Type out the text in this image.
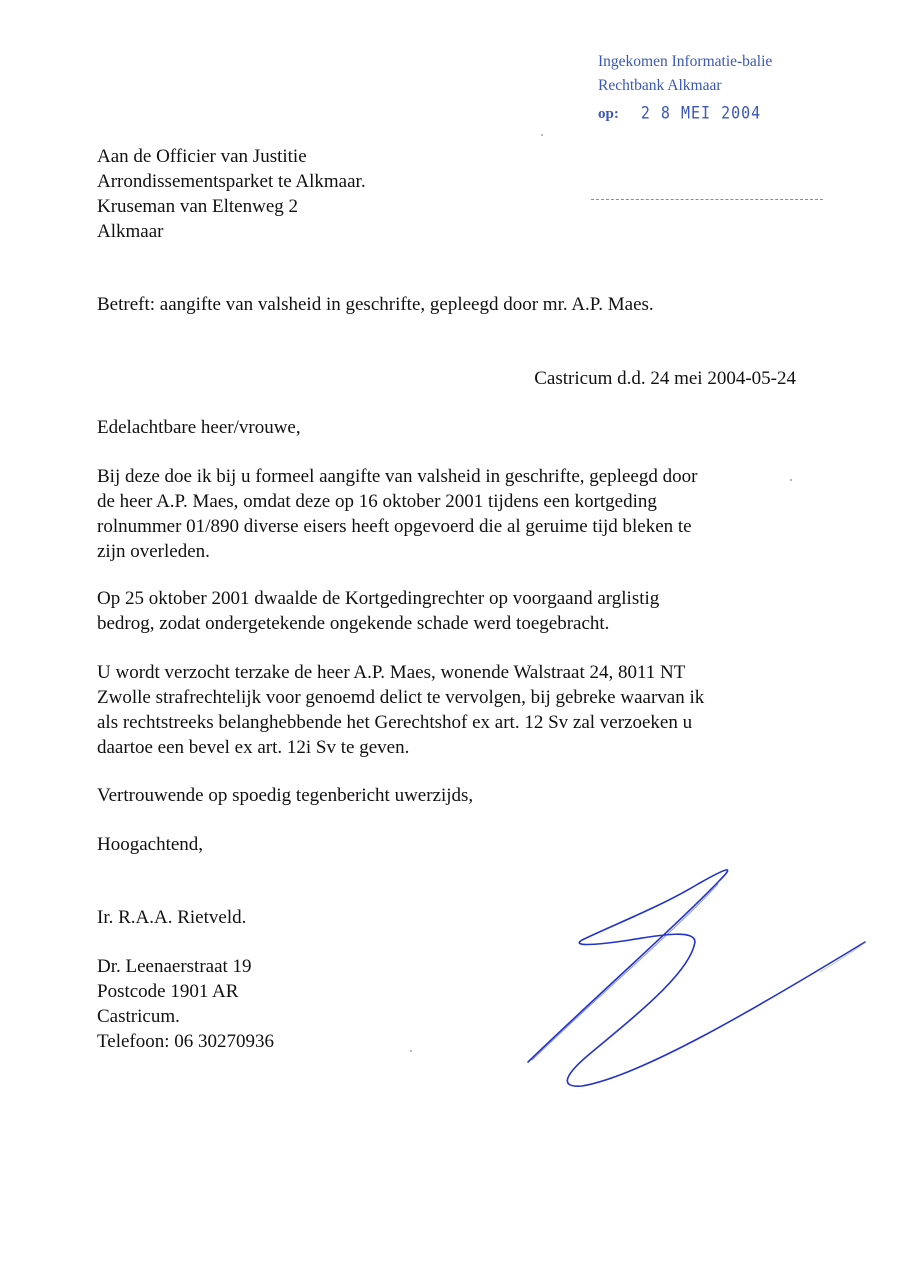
Ingekomen Informatie-balie
Rechtbank Alkmaar
op: 2 8 MEI 2004
Aan de Officier van Justitie
Arrondissementsparket te Alkmaar.
Kruseman van Eltenweg 2
Alkmaar
Betreft: aangifte van valsheid in geschrifte, gepleegd door mr. A.P. Maes.
Castricum d.d. 24 mei 2004-05-24
Edelachtbare heer/vrouwe,
Bij deze doe ik bij u formeel aangifte van valsheid in geschrifte, gepleegd door
de heer A.P. Maes, omdat deze op 16 oktober 2001 tijdens een kortgeding
rolnummer 01/890 diverse eisers heeft opgevoerd die al geruime tijd bleken te
zijn overleden.
Op 25 oktober 2001 dwaalde de Kortgedingrechter op voorgaand arglistig
bedrog, zodat ondergetekende ongekende schade werd toegebracht.
U wordt verzocht terzake de heer A.P. Maes, wonende Walstraat 24, 8011 NT
Zwolle strafrechtelijk voor genoemd delict te vervolgen, bij gebreke waarvan ik
als rechtstreeks belanghebbende het Gerechtshof ex art. 12 Sv zal verzoeken u
daartoe een bevel ex art. 12i Sv te geven.
Vertrouwende op spoedig tegenbericht uwerzijds,
Hoogachtend,
Ir. R.A.A. Rietveld.
Dr. Leenaerstraat 19
Postcode 1901 AR
Castricum.
Telefoon: 06 30270936
